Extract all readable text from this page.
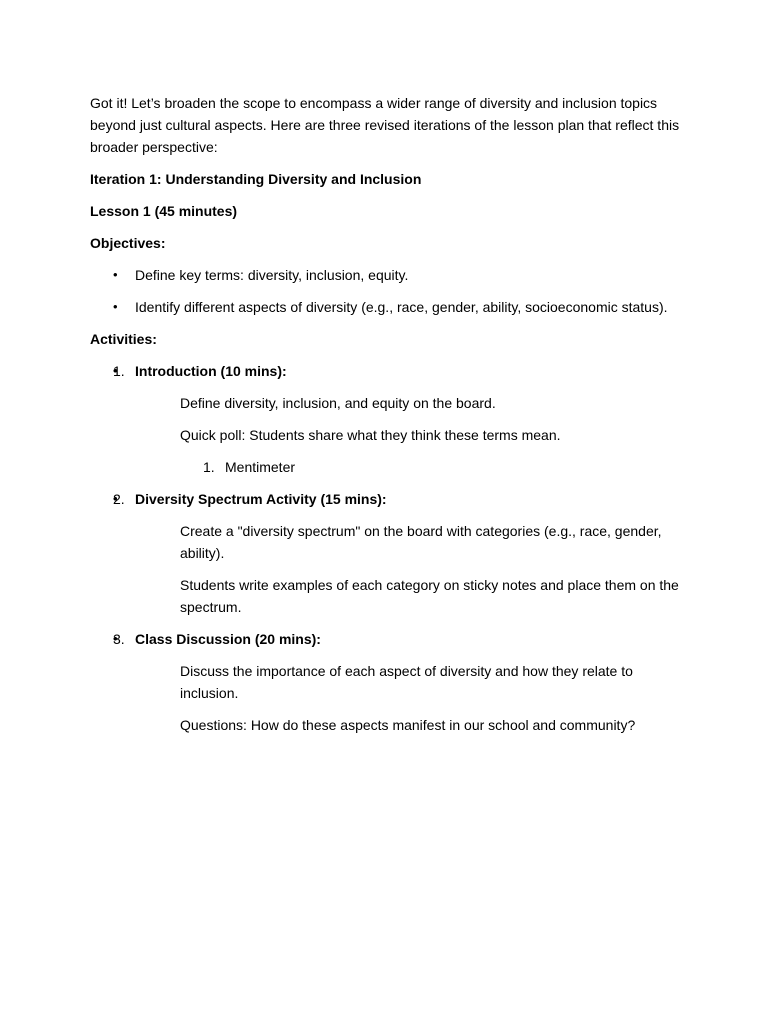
Got it! Let’s broaden the scope to encompass a wider range of diversity and inclusion topics beyond just cultural aspects. Here are three revised iterations of the lesson plan that reflect this broader perspective:

Iteration 1: Understanding Diversity and Inclusion

Lesson 1 (45 minutes)

Objectives:

• Define key terms: diversity, inclusion, equity.
• Identify different aspects of diversity (e.g., race, gender, ability, socioeconomic status).

Activities:

1. Introduction (10 mins):
• Define diversity, inclusion, and equity on the board.
• Quick poll: Students share what they think these terms mean.
1. Mentimeter
2. Diversity Spectrum Activity (15 mins):
• Create a "diversity spectrum" on the board with categories (e.g., race, gender, ability).
• Students write examples of each category on sticky notes and place them on the spectrum.
3. Class Discussion (20 mins):
• Discuss the importance of each aspect of diversity and how they relate to inclusion.
• Questions: How do these aspects manifest in our school and community?
